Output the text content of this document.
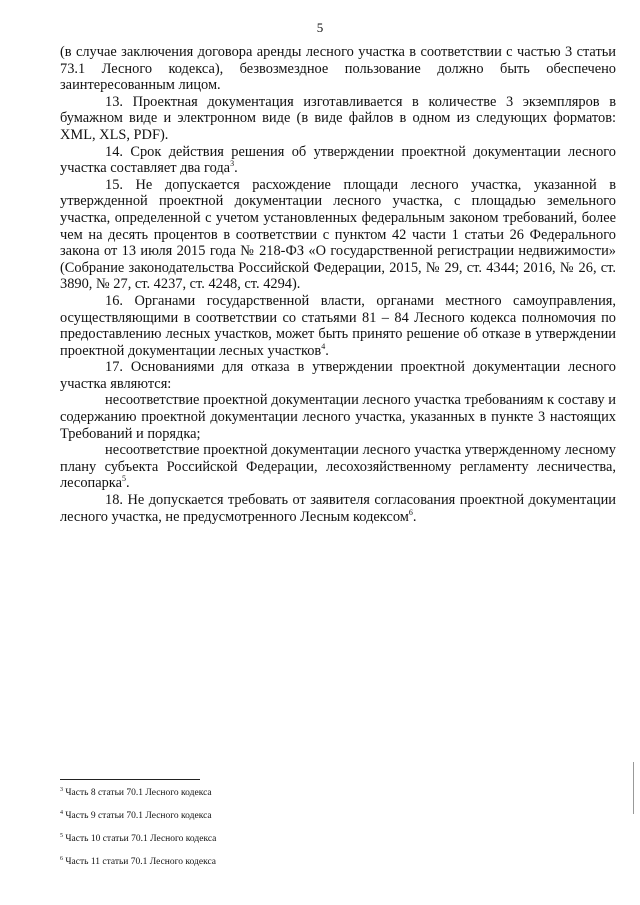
5

(в случае заключения договора аренды лесного участка в соответствии с частью 3 статьи 73.1 Лесного кодекса), безвозмездное пользование должно быть обеспечено заинтересованным лицом.

13. Проектная документация изготавливается в количестве 3 экземпляров в бумажном виде и электронном виде (в виде файлов в одном из следующих форматов: XML, XLS, PDF).

14. Срок действия решения об утверждении проектной документации лесного участка составляет два года$^3$.

15. Не допускается расхождение площади лесного участка, указанной в утвержденной проектной документации лесного участка, с площадью земельного участка, определенной с учетом установленных федеральным законом требований, более чем на десять процентов в соответствии с пунктом 42 части 1 статьи 26 Федерального закона от 13 июля 2015 года № 218-ФЗ «О государственной регистрации недвижимости» (Собрание законодательства Российской Федерации, 2015, № 29, ст. 4344; 2016, № 26, ст. 3890, № 27, ст. 4237, ст. 4248, ст. 4294).

16. Органами государственной власти, органами местного самоуправления, осуществляющими в соответствии со статьями 81 – 84 Лесного кодекса полномочия по предоставлению лесных участков, может быть принято решение об отказе в утверждении проектной документации лесных участков$^4$.

17. Основаниями для отказа в утверждении проектной документации лесного участка являются:

несоответствие проектной документации лесного участка требованиям к составу и содержанию проектной документации лесного участка, указанных в пункте 3 настоящих Требований и порядка;

несоответствие проектной документации лесного участка утвержденному лесному плану субъекта Российской Федерации, лесохозяйственному регламенту лесничества, лесопарка$^5$.

18. Не допускается требовать от заявителя согласования проектной документации лесного участка, не предусмотренного Лесным кодексом$^6$.

$^3$ Часть 8 статьи 70.1 Лесного кодекса

$^4$ Часть 9 статьи 70.1 Лесного кодекса

$^5$ Часть 10 статьи 70.1 Лесного кодекса

$^6$ Часть 11 статьи 70.1 Лесного кодекса
